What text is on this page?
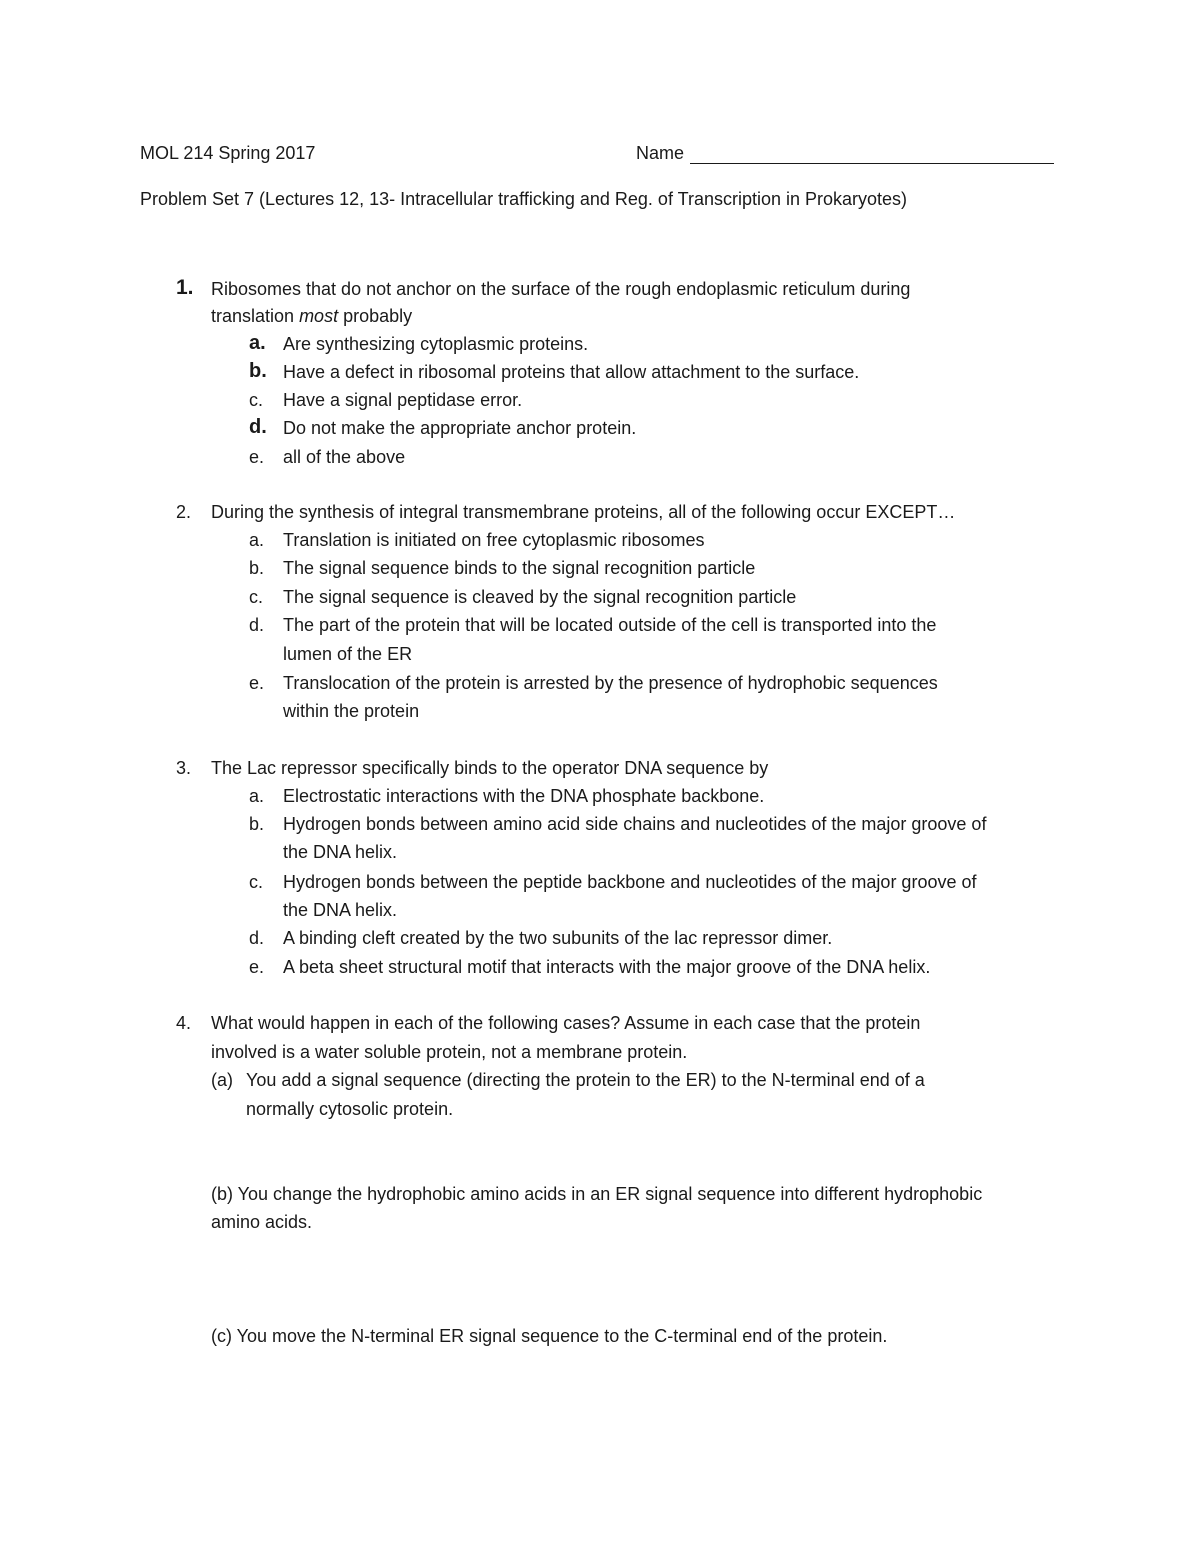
MOL 214 Spring 2017	Name
Problem Set 7 (Lectures 12, 13- Intracellular trafficking and Reg. of Transcription in Prokaryotes)
1. Ribosomes that do not anchor on the surface of the rough endoplasmic reticulum during
translation most probably
a. Are synthesizing cytoplasmic proteins.
b. Have a defect in ribosomal proteins that allow attachment to the surface.
c. Have a signal peptidase error.
d. Do not make the appropriate anchor protein.
e. all of the above
2. During the synthesis of integral transmembrane proteins, all of the following occur EXCEPT…
a. Translation is initiated on free cytoplasmic ribosomes
b. The signal sequence binds to the signal recognition particle
c. The signal sequence is cleaved by the signal recognition particle
d. The part of the protein that will be located outside of the cell is transported into the
lumen of the ER
e. Translocation of the protein is arrested by the presence of hydrophobic sequences
within the protein
3. The Lac repressor specifically binds to the operator DNA sequence by
a. Electrostatic interactions with the DNA phosphate backbone.
b. Hydrogen bonds between amino acid side chains and nucleotides of the major groove of
the DNA helix.
c. Hydrogen bonds between the peptide backbone and nucleotides of the major groove of
the DNA helix.
d. A binding cleft created by the two subunits of the lac repressor dimer.
e. A beta sheet structural motif that interacts with the major groove of the DNA helix.
4. What would happen in each of the following cases? Assume in each case that the protein
involved is a water soluble protein, not a membrane protein.
(a) You add a signal sequence (directing the protein to the ER) to the N-terminal end of a
normally cytosolic protein.
(b) You change the hydrophobic amino acids in an ER signal sequence into different hydrophobic
amino acids.
(c) You move the N-terminal ER signal sequence to the C-terminal end of the protein.
